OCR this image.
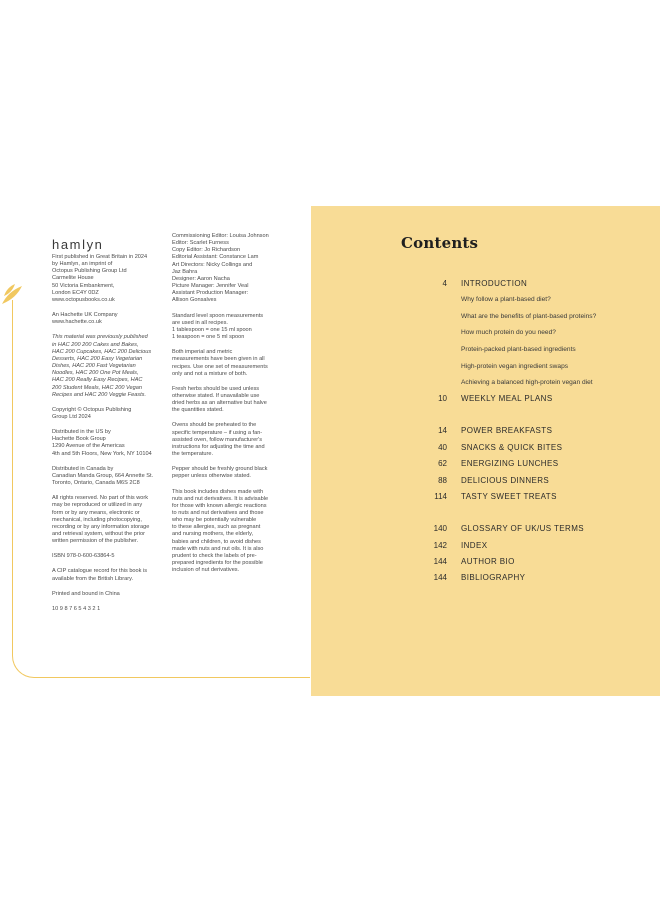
hamlyn

First published in Great Britain in 2024
by Hamlyn, an imprint of
Octopus Publishing Group Ltd
Carmelite House
50 Victoria Embankment,
London EC4Y 0DZ
www.octopusbooks.co.uk

An Hachette UK Company
www.hachette.co.uk

This material was previously published
in HAC 200 200 Cakes and Bakes,
HAC 200 Cupcakes, HAC 200 Delicious
Desserts, HAC 200 Easy Vegetarian
Dishes, HAC 200 Fast Vegetarian
Noodles, HAC 200 One Pot Meals,
HAC 200 Really Easy Recipes, HAC
200 Student Meals, HAC 200 Vegan
Recipes and HAC 200 Veggie Feasts.

Copyright © Octopus Publishing
Group Ltd 2024

Distributed in the US by
Hachette Book Group
1290 Avenue of the Americas
4th and 5th Floors, New York, NY 10104

Distributed in Canada by
Canadian Manda Group, 664 Annette St.
Toronto, Ontario, Canada M6S 2C8

All rights reserved. No part of this work
may be reproduced or utilized in any
form or by any means, electronic or
mechanical, including photocopying,
recording or by any information storage
and retrieval system, without the prior
written permission of the publisher.

ISBN 978-0-600-63864-5

A CIP catalogue record for this book is
available from the British Library.

Printed and bound in China

10 9 8 7 6 5 4 3 2 1

Commissioning Editor: Louisa Johnson
Editor: Scarlet Furness
Copy Editor: Jo Richardson
Editorial Assistant: Constance Lam
Art Directors: Nicky Collings and
Jaz Bahra
Designer: Aaron Nacha
Picture Manager: Jennifer Veal
Assistant Production Manager:
Allison Gonsalves

Standard level spoon measurements
are used in all recipes.
1 tablespoon = one 15 ml spoon
1 teaspoon = one 5 ml spoon

Both imperial and metric
measurements have been given in all
recipes. Use one set of measurements
only and not a mixture of both.

Fresh herbs should be used unless
otherwise stated. If unavailable use
dried herbs as an alternative but halve
the quantities stated.

Ovens should be preheated to the
specific temperature – if using a fan-
assisted oven, follow manufacturer's
instructions for adjusting the time and
the temperature.

Pepper should be freshly ground black
pepper unless otherwise stated.

This book includes dishes made with
nuts and nut derivatives. It is advisable
for those with known allergic reactions
to nuts and nut derivatives and those
who may be potentially vulnerable
to these allergies, such as pregnant
and nursing mothers, the elderly,
babies and children, to avoid dishes
made with nuts and nut oils. It is also
prudent to check the labels of pre-
prepared ingredients for the possible
inclusion of nut derivatives.

Contents
4 INTRODUCTION
Why follow a plant-based diet?
What are the benefits of plant-based proteins?
How much protein do you need?
Protein-packed plant-based ingredients
High-protein vegan ingredient swaps
Achieving a balanced high-protein vegan diet
10 WEEKLY MEAL PLANS
14 POWER BREAKFASTS
40 SNACKS & QUICK BITES
62 ENERGIZING LUNCHES
88 DELICIOUS DINNERS
114 TASTY SWEET TREATS
140 GLOSSARY OF UK/US TERMS
142 INDEX
144 AUTHOR BIO
144 BIBLIOGRAPHY
